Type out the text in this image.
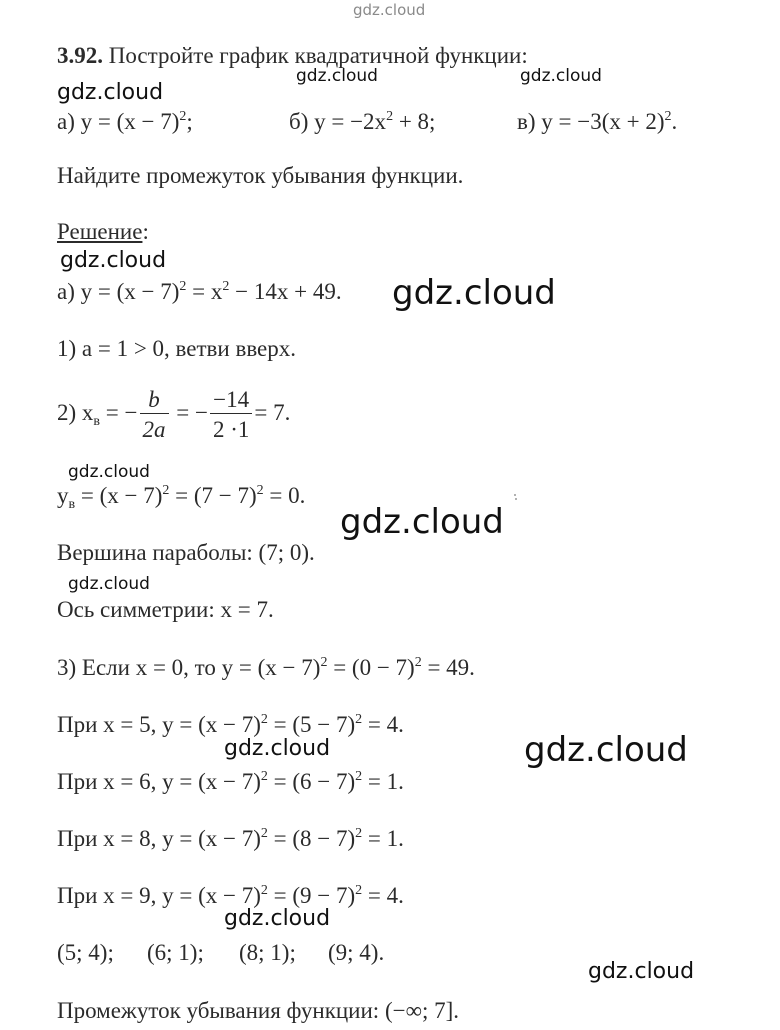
gdz.cloud
gdz.cloud	gdz.cloud
gdz.cloud
gdz.cloud
gdz.cloud
gdz.cloud
gdz.cloud
gdz.cloud
gdz.cloud	gdz.cloud
gdz.cloud
gdz.cloud
3.92. Постройте график квадратичной функции:
а) $y = (x - 7)^2$;	б) $y = -2x^2 + 8$;	в) $y = -3(x + 2)^2$.
Найдите промежуток убывания функции.
Решение:
а) $y = (x - 7)^2 = x^2 - 14x + 49$.
1) a = 1 > 0, ветви вверх.
2) $x_в$ = − $\frac{b}{2a}$ = − $\frac{-14}{2 \cdot 1} = 7$.
$y_в = (x - 7)^2 = (7 - 7)^2 = 0$.
Вершина параболы: (7; 0).
Ось симметрии: x = 7.
3) Если x = 0, то $y = (x - 7)^2 = (0 - 7)^2 = 49$.
При x = 5, $y = (x - 7)^2 = (5 - 7)^2 = 4$.
При x = 6, $y = (x - 7)^2 = (6 - 7)^2 = 1$.
При x = 8, $y = (x - 7)^2 = (8 - 7)^2 = 1$.
При x = 9, $y = (x - 7)^2 = (9 - 7)^2 = 4$.
(5; 4); (6; 1); (8; 1); (9; 4).
Промежуток убывания функции: (−∞; 7].
